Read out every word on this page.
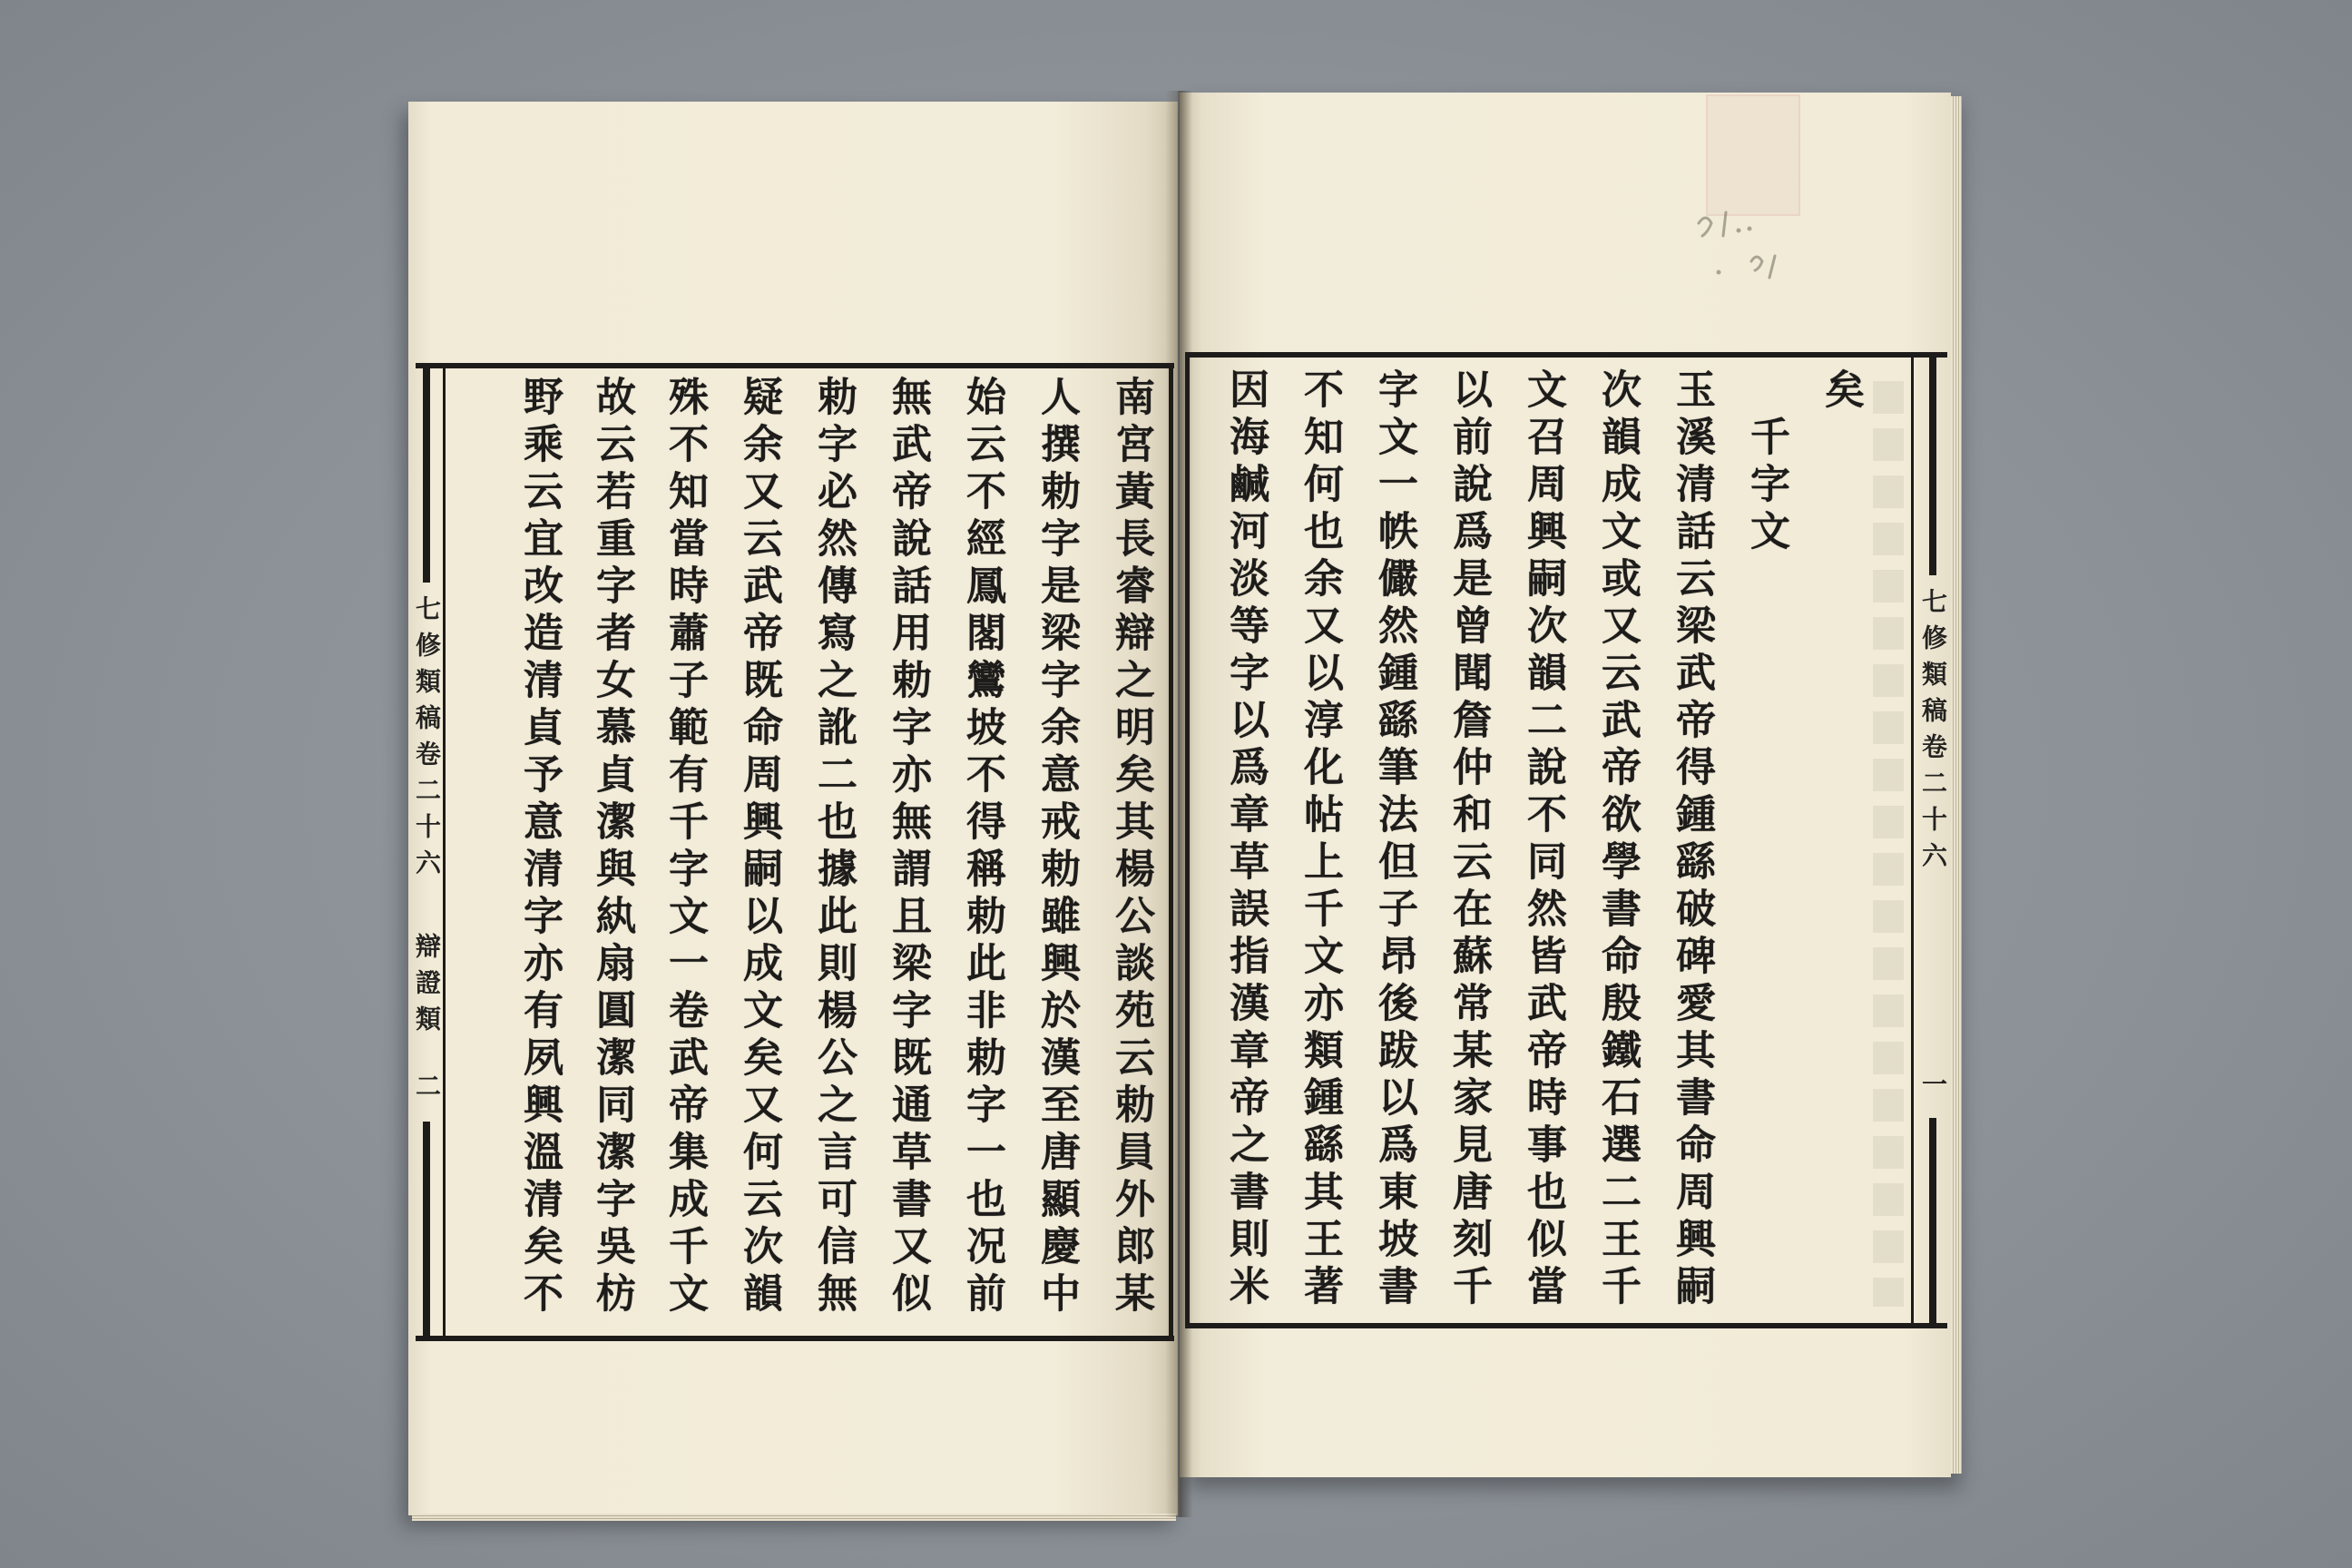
七修類稿卷二十六
一
矣
千字文
玉溪清話云梁武帝得鍾繇破碑愛其書命周興嗣
次韻成文或又云武帝欲學書命殷鐵石選二王千
文召周興嗣次韻二說不同然皆武帝時事也似當
以前說爲是曾聞詹仲和云在蘇常某家見唐刻千
字文一帙儼然鍾繇筆法但子昂後跋以爲東坡書
不知何也余又以淳化帖上千文亦類鍾繇其王著
因海鹹河淡等字以爲章草誤指漢章帝之書則米
七修類稿卷二十六
辯證類
二	南宮黃長睿辯之明矣其楊公談苑云勅員外郎某
人撰勅字是梁字余意戒勅雖興於漢至唐顯慶中
始云不經鳳閣鸞坡不得稱勅此非勅字一也况前
無武帝說話用勅字亦無謂且梁字既通草書又似
勅字必然傳寫之訛二也據此則楊公之言可信無
疑余又云武帝既命周興嗣以成文矣又何云次韻
殊不知當時蕭子範有千字文一卷武帝集成千文
故云若重字者女慕貞潔與紈扇圓潔同潔字吳枋
野乘云宜改造清貞予意清字亦有夙興溫清矣不
